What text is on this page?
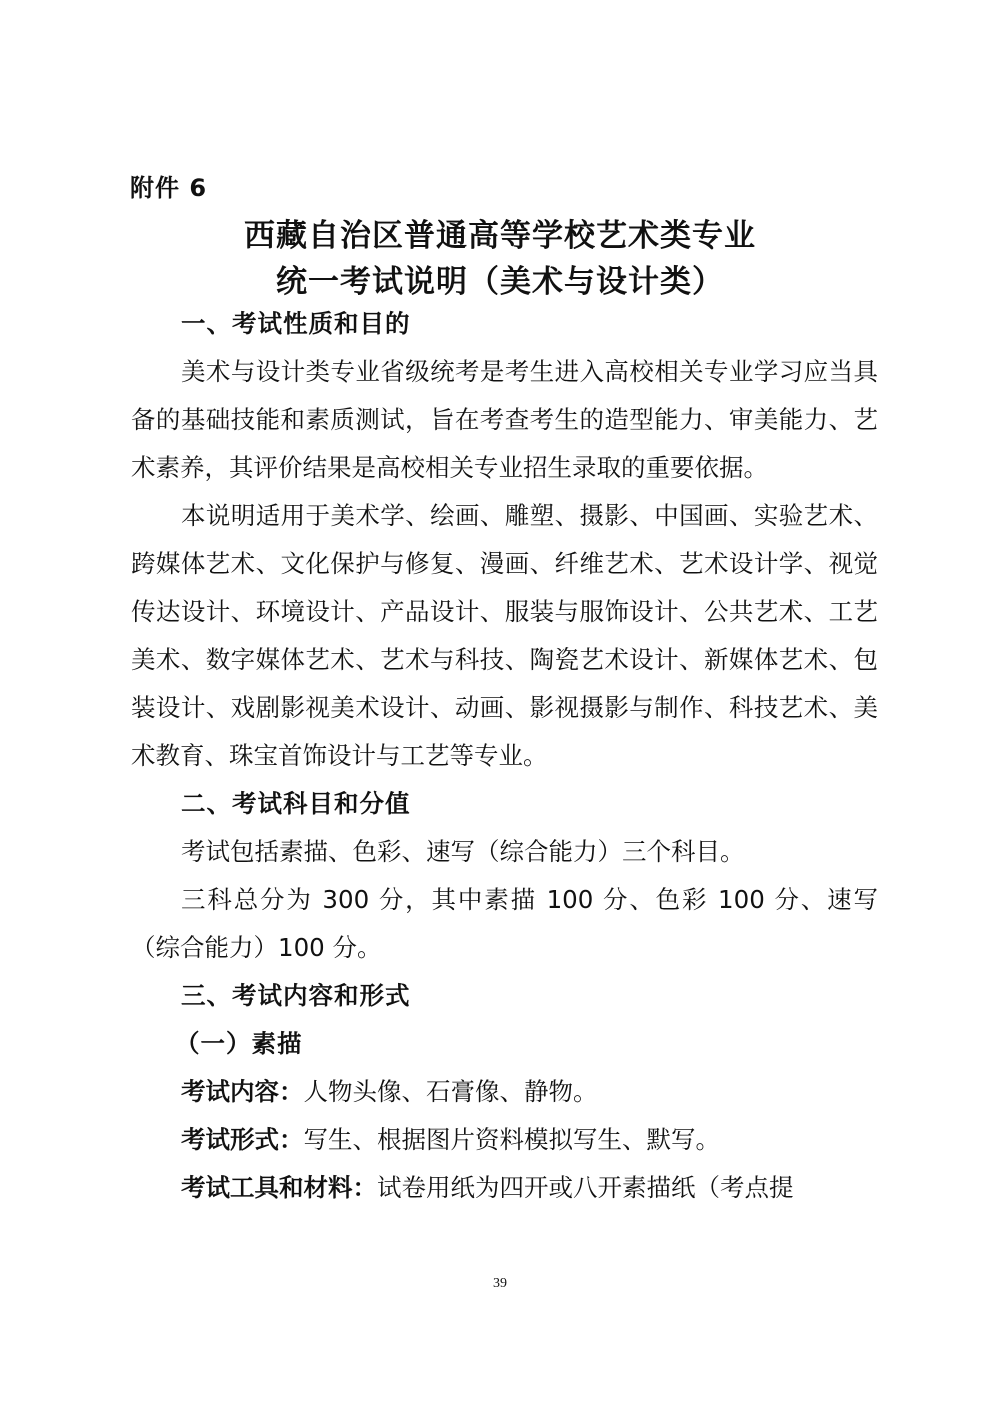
附件 6
西藏自治区普通高等学校艺术类专业
统一考试说明（美术与设计类）

一、考试性质和目的

美术与设计类专业省级统考是考生进入高校相关专业学习应当具备的基础技能和素质测试，旨在考查考生的造型能力、审美能力、艺术素养，其评价结果是高校相关专业招生录取的重要依据。

本说明适用于美术学、绘画、雕塑、摄影、中国画、实验艺术、跨媒体艺术、文化保护与修复、漫画、纤维艺术、艺术设计学、视觉传达设计、环境设计、产品设计、服装与服饰设计、公共艺术、工艺美术、数字媒体艺术、艺术与科技、陶瓷艺术设计、新媒体艺术、包装设计、戏剧影视美术设计、动画、影视摄影与制作、科技艺术、美术教育、珠宝首饰设计与工艺等专业。

二、考试科目和分值

考试包括素描、色彩、速写（综合能力）三个科目。

三科总分为 300 分，其中素描 100 分、色彩 100 分、速写（综合能力）100 分。

三、考试内容和形式

（一）素描

考试内容：人物头像、石膏像、静物。

考试形式：写生、根据图片资料模拟写生、默写。

考试工具和材料：试卷用纸为四开或八开素描纸（考点提

39
